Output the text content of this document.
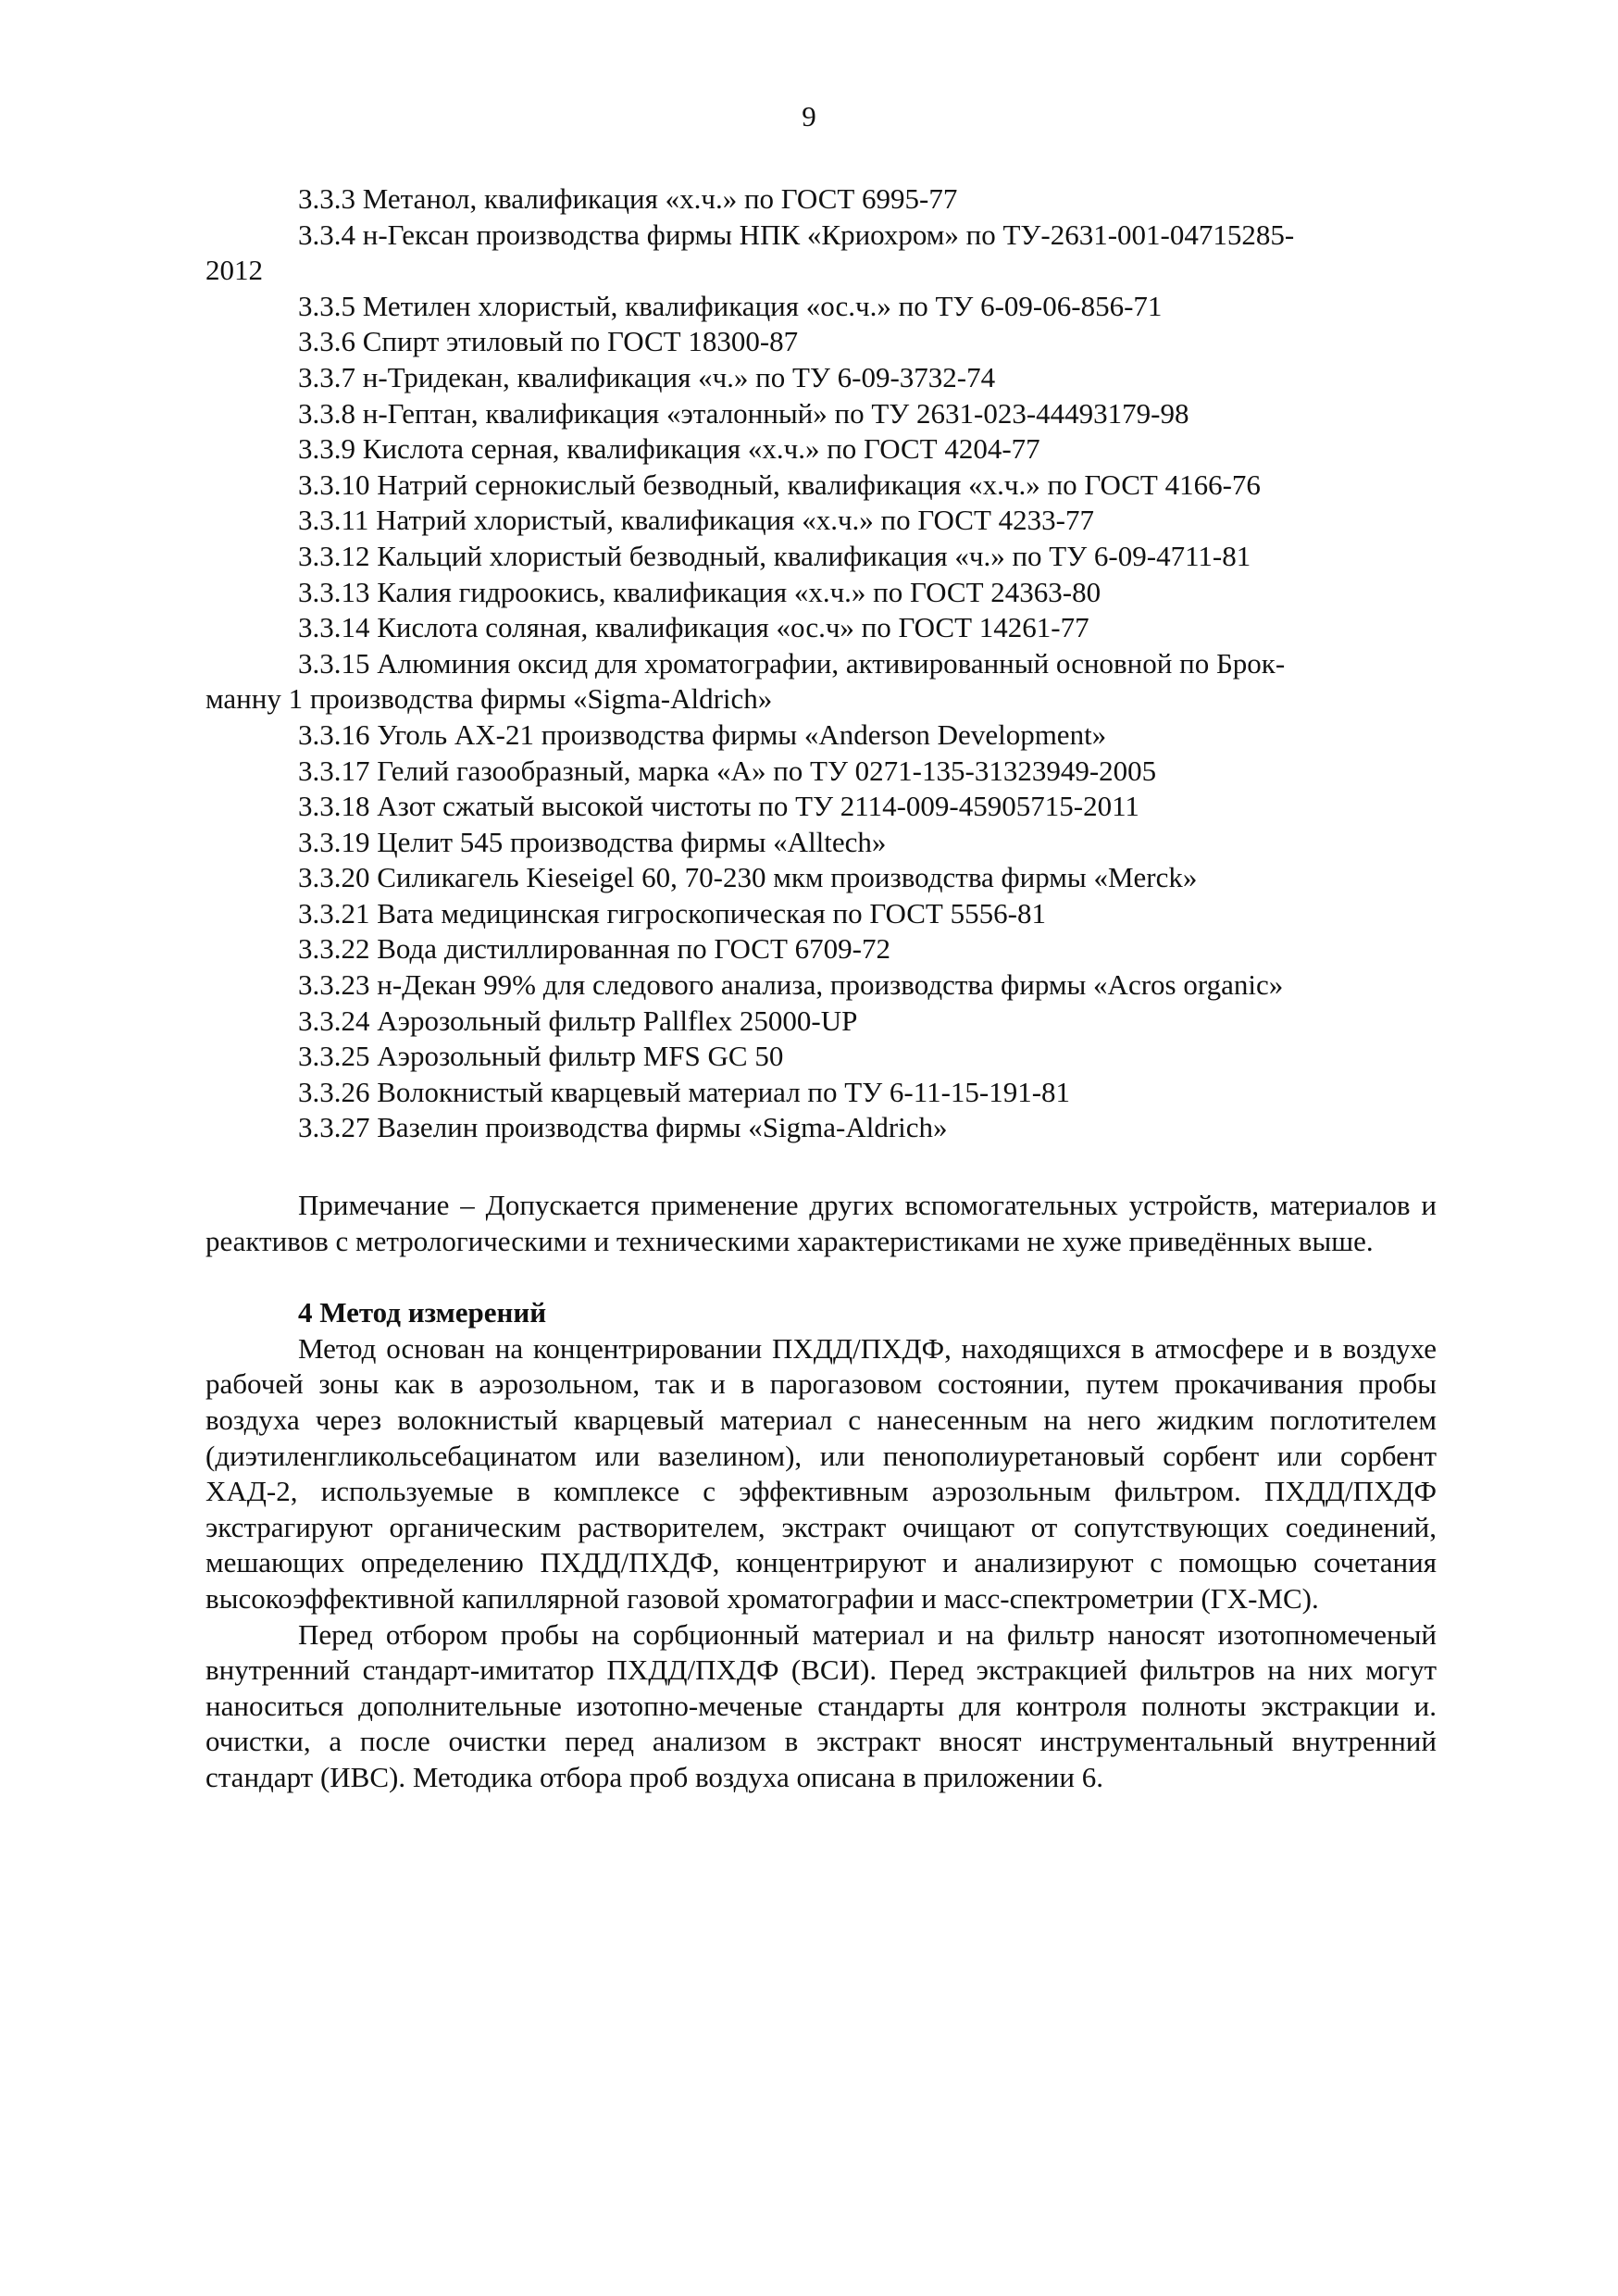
9
3.3.3 Метанол, квалификация «х.ч.» по ГОСТ 6995-77
3.3.4 н-Гексан производства фирмы НПК «Криохром» по ТУ-2631-001-04715285-
2012
3.3.5 Метилен хлористый, квалификация «ос.ч.» по ТУ 6-09-06-856-71
3.3.6 Спирт этиловый по ГОСТ 18300-87
3.3.7 н-Тридекан, квалификация «ч.» по ТУ 6-09-3732-74
3.3.8 н-Гептан, квалификация «эталонный» по ТУ 2631-023-44493179-98
3.3.9 Кислота серная, квалификация «х.ч.» по ГОСТ 4204-77
3.3.10 Натрий сернокислый безводный, квалификация «х.ч.» по ГОСТ 4166-76
3.3.11 Натрий хлористый, квалификация «х.ч.» по ГОСТ 4233-77
3.3.12 Кальций хлористый безводный, квалификация «ч.» по ТУ 6-09-4711-81
3.3.13 Калия гидроокись, квалификация «х.ч.» по ГОСТ 24363-80
3.3.14 Кислота соляная, квалификация «ос.ч» по ГОСТ 14261-77
3.3.15 Алюминия оксид для хроматографии, активированный основной по Брок-
манну 1 производства фирмы «Sigma-Aldrich»
3.3.16 Уголь АХ-21 производства фирмы «Anderson Development»
3.3.17 Гелий газообразный, марка «А» по ТУ 0271-135-31323949-2005
3.3.18 Азот сжатый высокой чистоты по ТУ 2114-009-45905715-2011
3.3.19 Целит 545 производства фирмы «Alltech»
3.3.20 Силикагель Kieseigel 60, 70-230 мкм производства фирмы «Merck»
3.3.21 Вата медицинская гигроскопическая по ГОСТ 5556-81
3.3.22 Вода дистиллированная по ГОСТ 6709-72
3.3.23 н-Декан 99% для следового анализа, производства фирмы «Acros organic»
3.3.24 Аэрозольный фильтр Pallflex 25000-UP
3.3.25 Аэрозольный фильтр MFS GC 50
3.3.26 Волокнистый кварцевый материал по ТУ 6-11-15-191-81
3.3.27 Вазелин производства фирмы «Sigma-Aldrich»
Примечание – Допускается применение других вспомогательных устройств, материалов и реактивов с метрологическими и техническими характеристиками не хуже приведённых выше.
4 Метод измерений
Метод основан на концентрировании ПХДД/ПХДФ, находящихся в атмосфере и в воздухе рабочей зоны как в аэрозольном, так и в парогазовом состоянии, путем прокачивания пробы воздуха через волокнистый кварцевый материал с нанесенным на него жидким поглотителем (диэтиленгликольсебацинатом или вазелином), или пенополиуретановый сорбент или сорбент ХАД-2, используемые в комплексе с эффективным аэрозольным фильтром. ПХДД/ПХДФ экстрагируют органическим растворителем, экстракт очищают от сопутствующих соединений, мешающих определению ПХДД/ПХДФ, концентрируют и анализируют с помощью сочетания высокоэффективной капиллярной газовой хроматографии и масс-спектрометрии (ГХ-МС).
Перед отбором пробы на сорбционный материал и на фильтр наносят изотопномеченый внутренний стандарт-имитатор ПХДД/ПХДФ (ВСИ). Перед экстракцией фильтров на них могут наноситься дополнительные изотопно-меченые стандарты для контроля полноты экстракции и. очистки, а после очистки перед анализом в экстракт вносят инструментальный внутренний стандарт (ИВС). Методика отбора проб воздуха описана в приложении 6.
